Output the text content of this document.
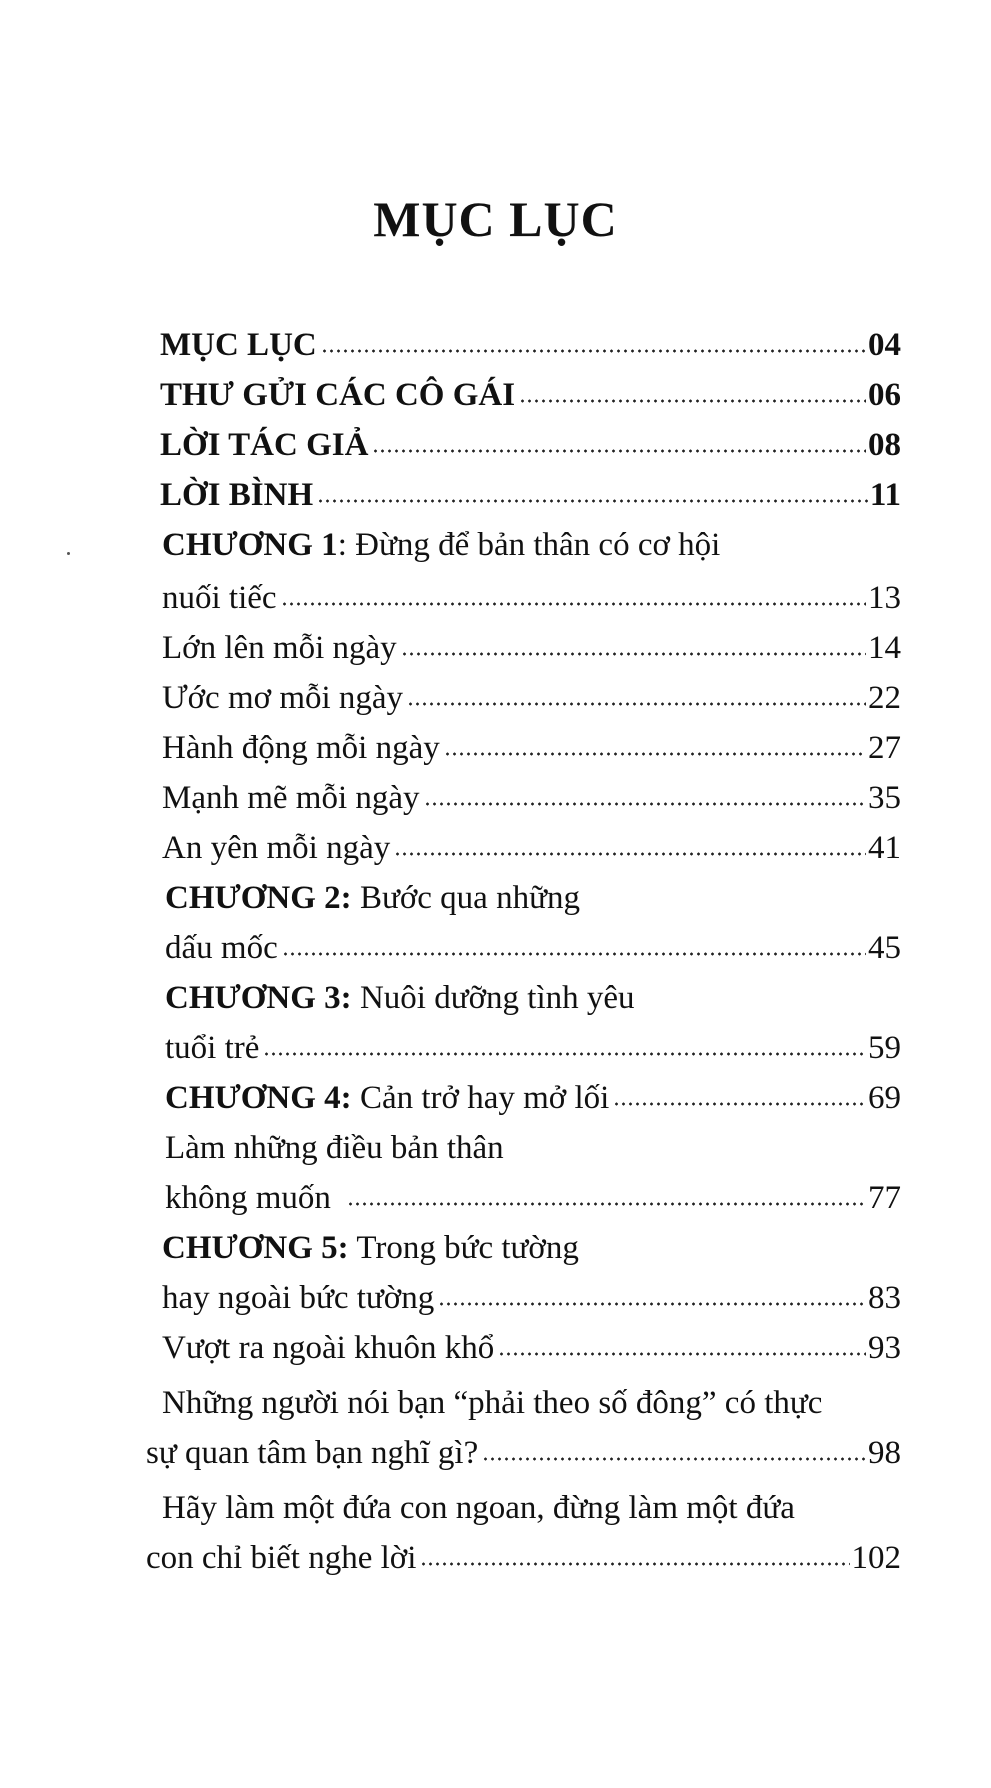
MỤC LỤC
MỤC LỤC	04
THƯ GỬI CÁC CÔ GÁI	06
LỜI TÁC GIẢ	08
LỜI BÌNH	11
CHƯƠNG 1: Đừng để bản thân có cơ hội
nuối tiếc	13
Lớn lên mỗi ngày	14
Ước mơ mỗi ngày	22
Hành động mỗi ngày	27
Mạnh mẽ mỗi ngày	35
An yên mỗi ngày	41
CHƯƠNG 2: Bước qua những
dấu mốc	45
CHƯƠNG 3: Nuôi dưỡng tình yêu
tuổi trẻ	59
CHƯƠNG 4: Cản trở hay mở lối	69
Làm những điều bản thân
không muốn	77
CHƯƠNG 5: Trong bức tường
hay ngoài bức tường	83
Vượt ra ngoài khuôn khổ	93
Những người nói bạn “phải theo số đông” có thực
sự quan tâm bạn nghĩ gì?	98
Hãy làm một đứa con ngoan, đừng làm một đứa
con chỉ biết nghe lời	102
